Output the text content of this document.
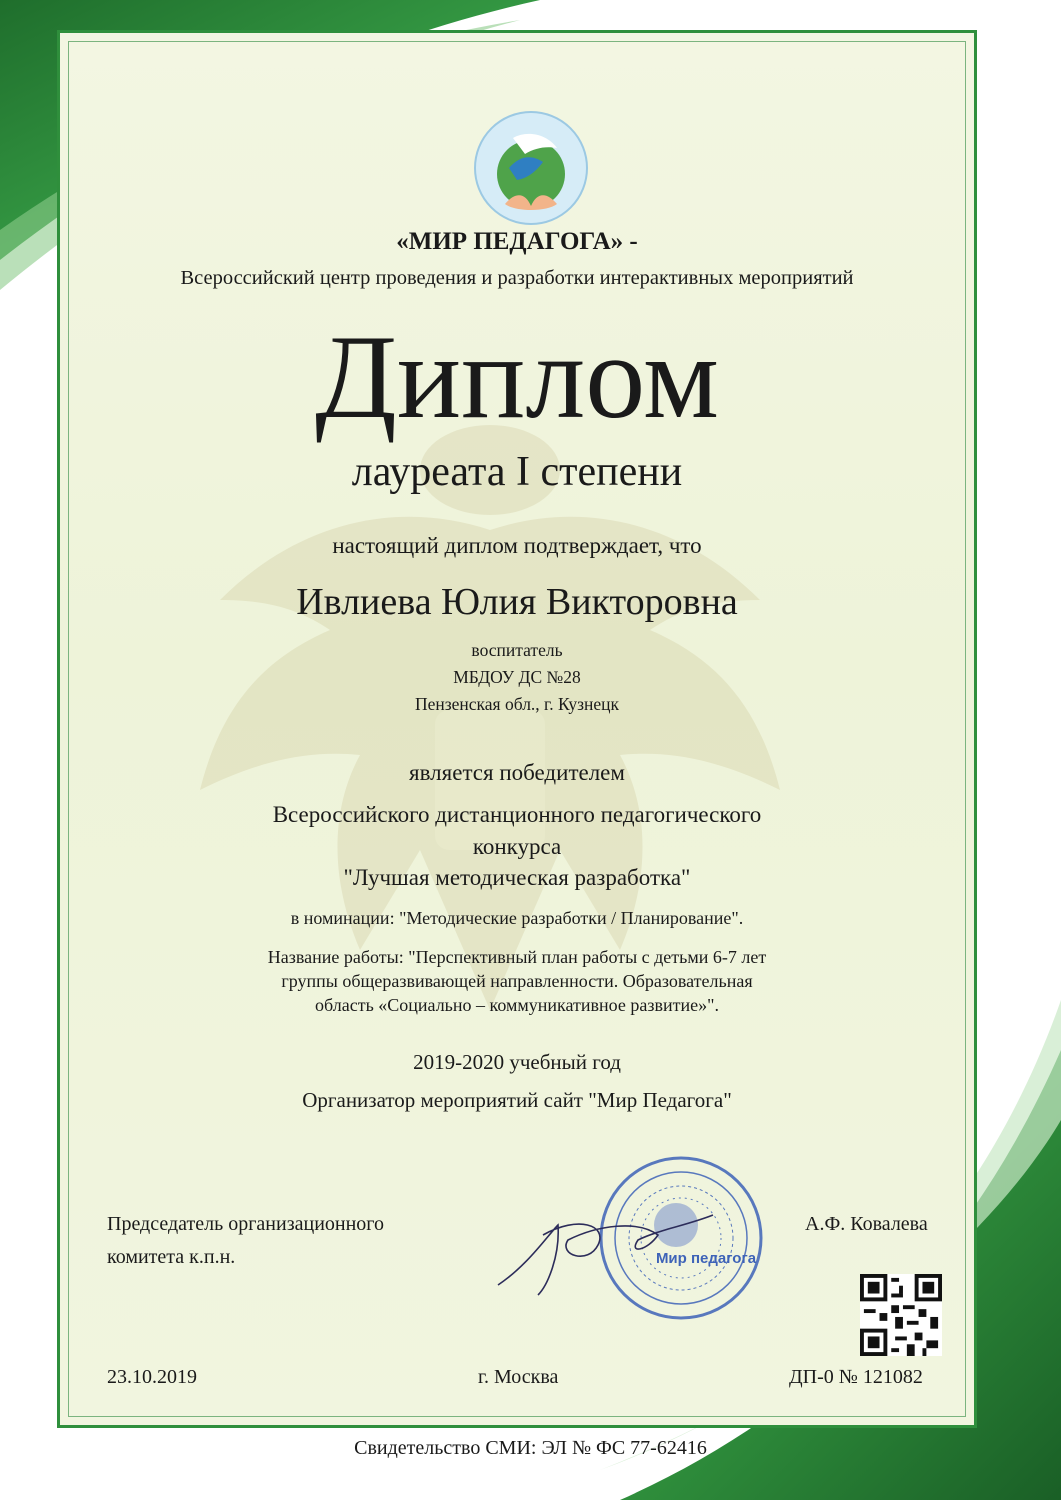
«МИР ПЕДАГОГА» -
Всероссийский центр проведения и разработки интерактивных мероприятий
Диплом
лауреата I степени
настоящий диплом подтверждает, что
Ивлиева Юлия Викторовна
воспитатель
МБДОУ ДС №28
Пензенская обл., г. Кузнецк
является победителем
Всероссийского дистанционного педагогического
конкурса
"Лучшая методическая разработка"
в номинации: "Методические разработки / Планирование".
Название работы: "Перспективный план работы с детьми 6-7 лет
группы общеразвивающей направленности. Образовательная
область «Социально – коммуникативное развитие»".
2019-2020 учебный год
Организатор мероприятий сайт "Мир Педагога"
Председатель организационного
комитета к.п.н.
А.Ф. Ковалева
Мир педагога
23.10.2019	г. Москва	ДП-0 № 121082
Свидетельство СМИ: ЭЛ № ФС 77-62416
